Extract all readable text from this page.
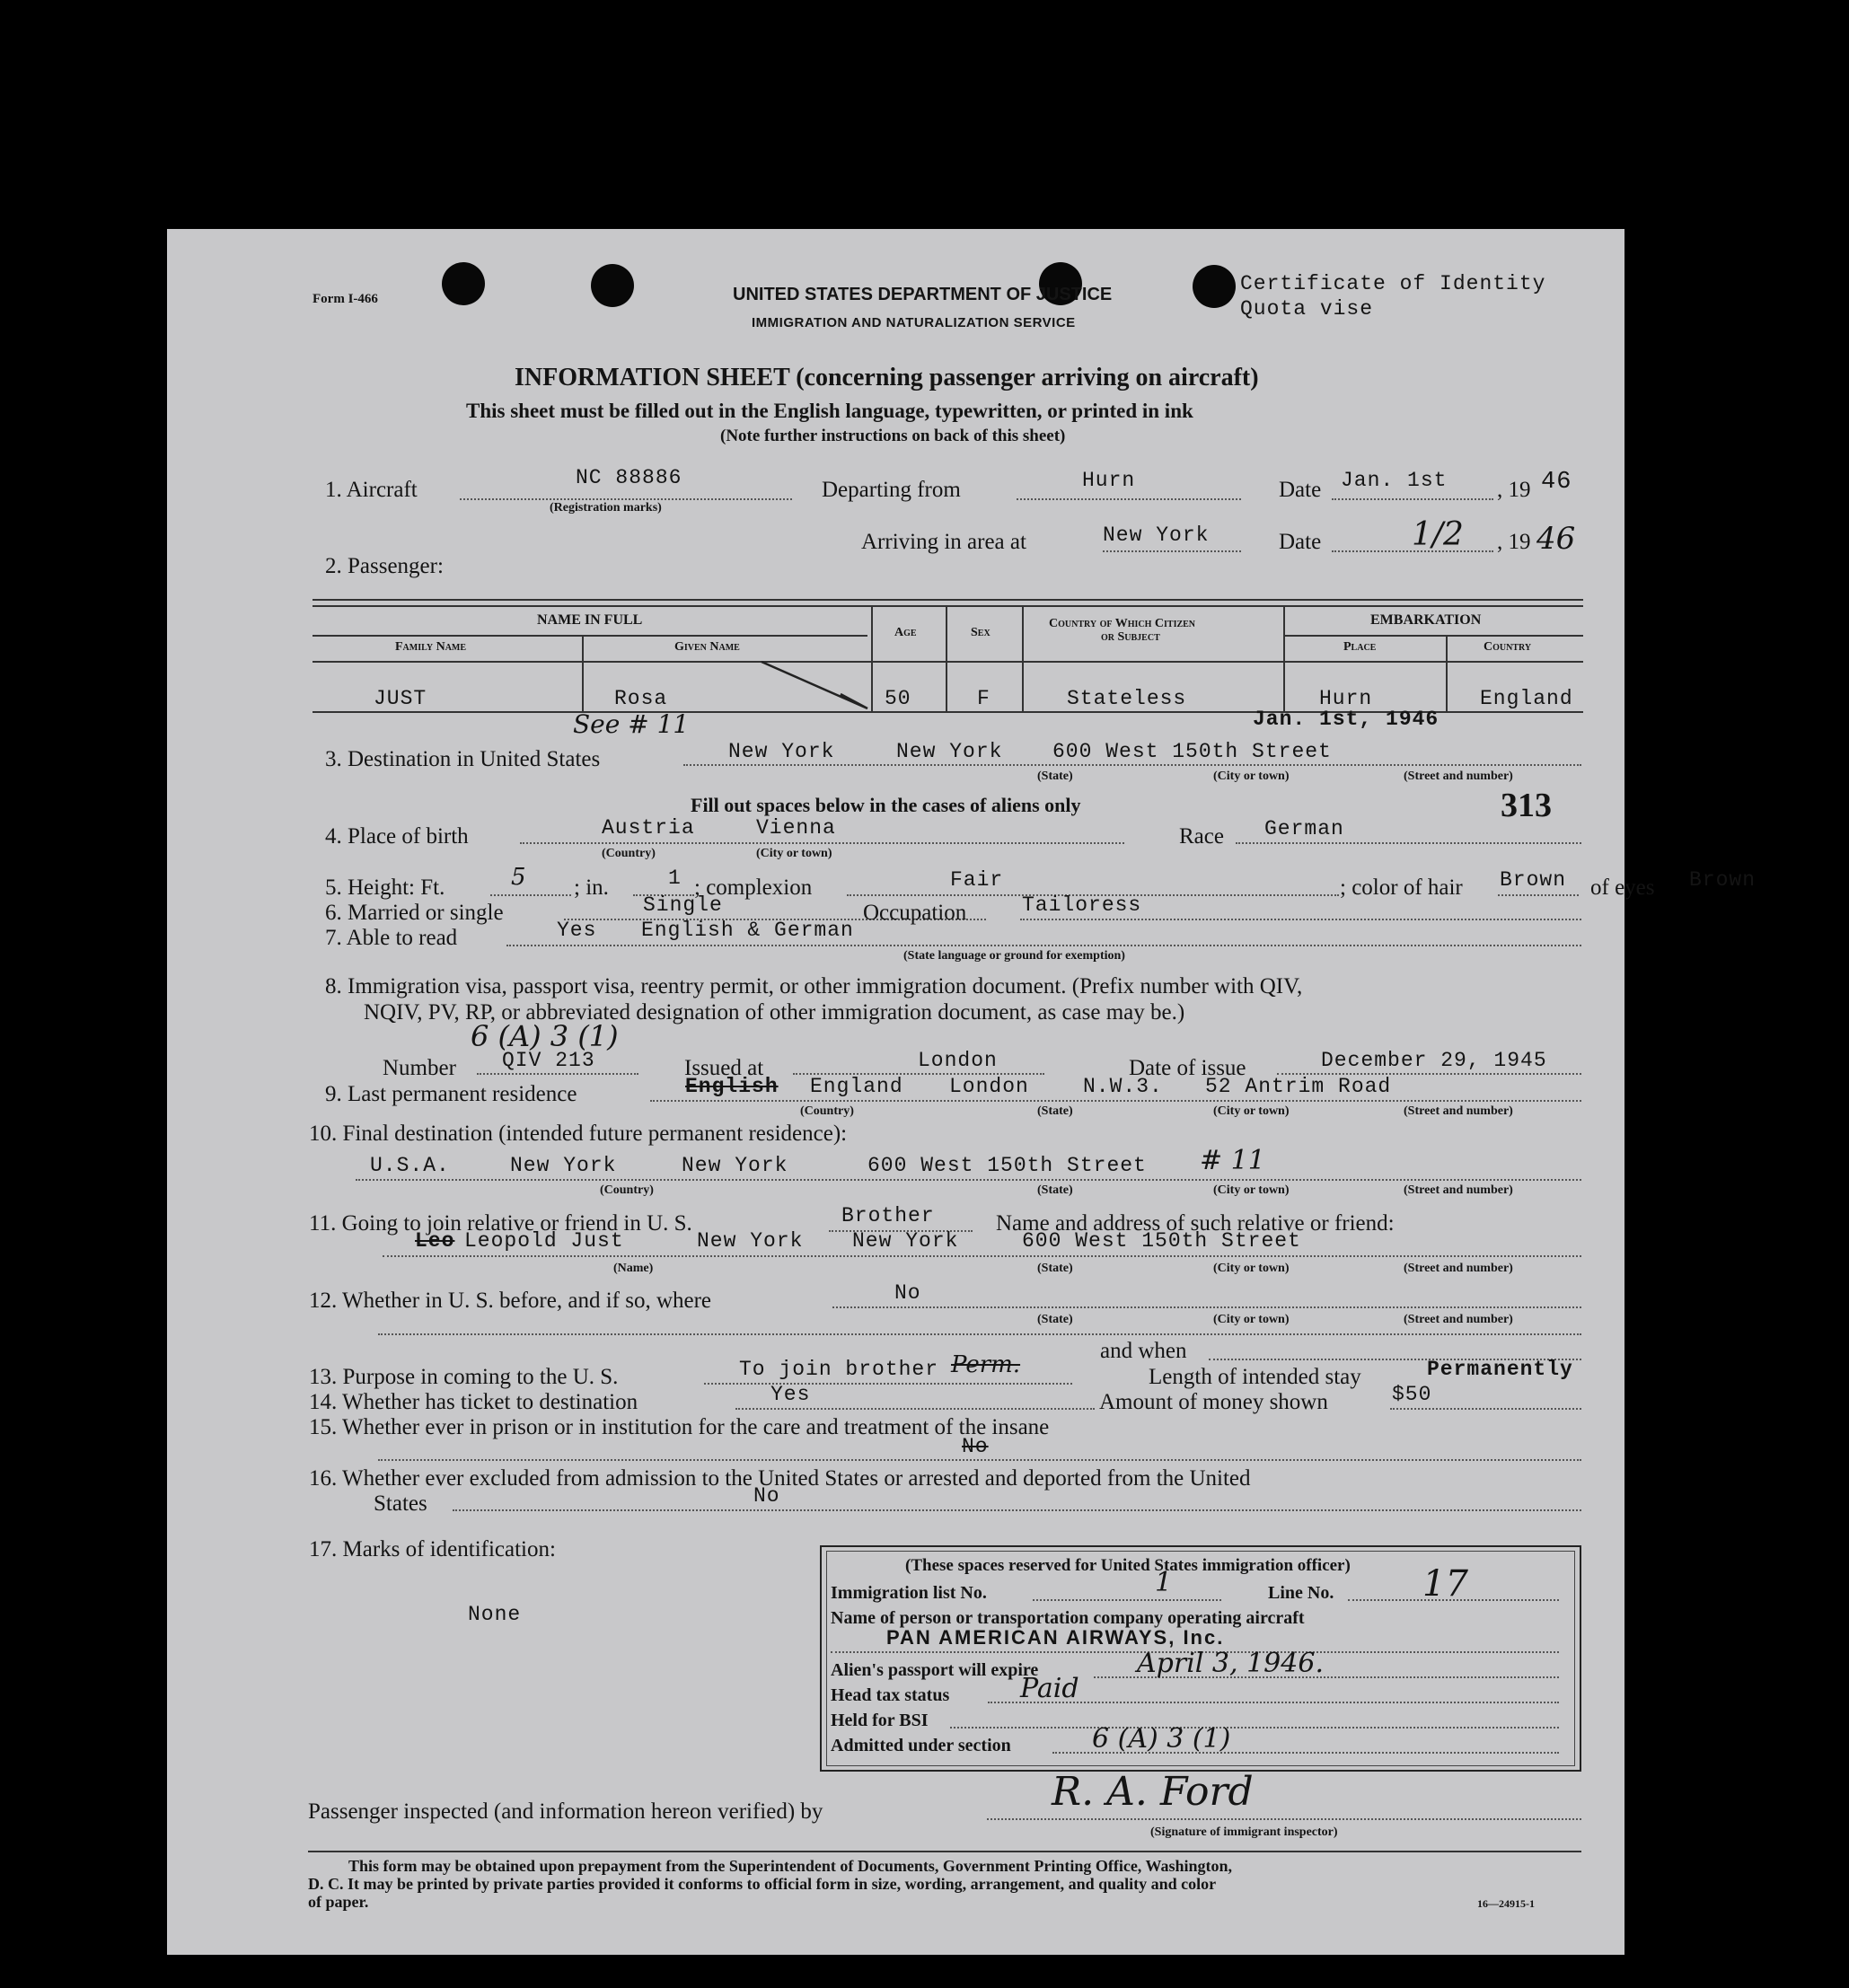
Form I-466	UNITED STATES DEPARTMENT OF JUSTICE
IMMIGRATION AND NATURALIZATION SERVICE
Certificate of Identity
Quota vise
INFORMATION SHEET (concerning passenger arriving on aircraft)
This sheet must be filled out in the English language, typewritten, or printed in ink
(Note further instructions on back of this sheet)
1. Aircraft	NC 88886
(Registration marks)
Departing from	Hurn	Date Jan. 1st , 19 46
Arriving in area at	New York	Date	1/2 , 19 46
2. Passenger:
NAME IN FULL
Family Name	Given Name
Age	Sex
Country of Which Citizen
or Subject
EMBARKATION
Place	Country
JUST	Rosa	50	F	Stateless	Hurn	England
Jan. 1st, 1946
See # 11
3. Destination in United States	New York	New York 600 West 150th Street
(State)	(City or town)	(Street and number)
Fill out spaces below in the cases of aliens only	313
4. Place of birth	Austria	Vienna
(Country)	(City or town)
Race German
5. Height: Ft.	5 ; in.	1 ; complexion	Fair	; color of hair Brown of eyes Brown
6. Married or single	Single	Occupation	Tailoress
7. Able to read	Yes English & German
(State language or ground for exemption)
8. Immigration visa, passport visa, reentry permit, or other immigration document. (Prefix number with QIV,
NQIV, PV, RP, or abbreviated designation of other immigration document, as case may be.)
6 (A) 3 (1)
Number QIV 213	Issued at	London	Date of issue	December 29, 1945
9. Last permanent residence	English England London	N.W.3. 52 Antrim Road
(Country)	(State)	(City or town)	(Street and number)
10. Final destination (intended future permanent residence):
U.S.A.	New York	New York	600 West 150th Street # 11
(Country)	(State)	(City or town)	(Street and number)
11. Going to join relative or friend in U. S.	Brother	Name and address of such relative or friend:
Leo Leopold Just	New York New York	600 West 150th Street
(Name)	(State)	(City or town)	(Street and number)
12. Whether in U. S. before, and if so, where	No
(State)	(City or town)	(Street and number)
and when
13. Purpose in coming to the U. S.	To join brother Perm.	Length of intended stay	Permanently
14. Whether has ticket to destination	Yes	Amount of money shown	$50
15. Whether ever in prison or in institution for the care and treatment of the insane
No
16. Whether ever excluded from admission to the United States or arrested and deported from the United
States	No
17. Marks of identification:
None
(These spaces reserved for United States immigration officer)
Immigration list No.	1	Line No. 17
Name of person or transportation company operating aircraft
PAN AMERICAN AIRWAYS, Inc.
Alien's passport will expire	April 3, 1946.
Head tax status	Paid
Held for BSI
Admitted under section	6 (A) 3 (1)
Passenger inspected (and information hereon verified) by	R. A. Ford
(Signature of immigrant inspector)
This form may be obtained upon prepayment from the Superintendent of Documents, Government Printing Office, Washington,
D. C. It may be printed by private parties provided it conforms to official form in size, wording, arrangement, and quality and color
of paper.	16—24915-1
